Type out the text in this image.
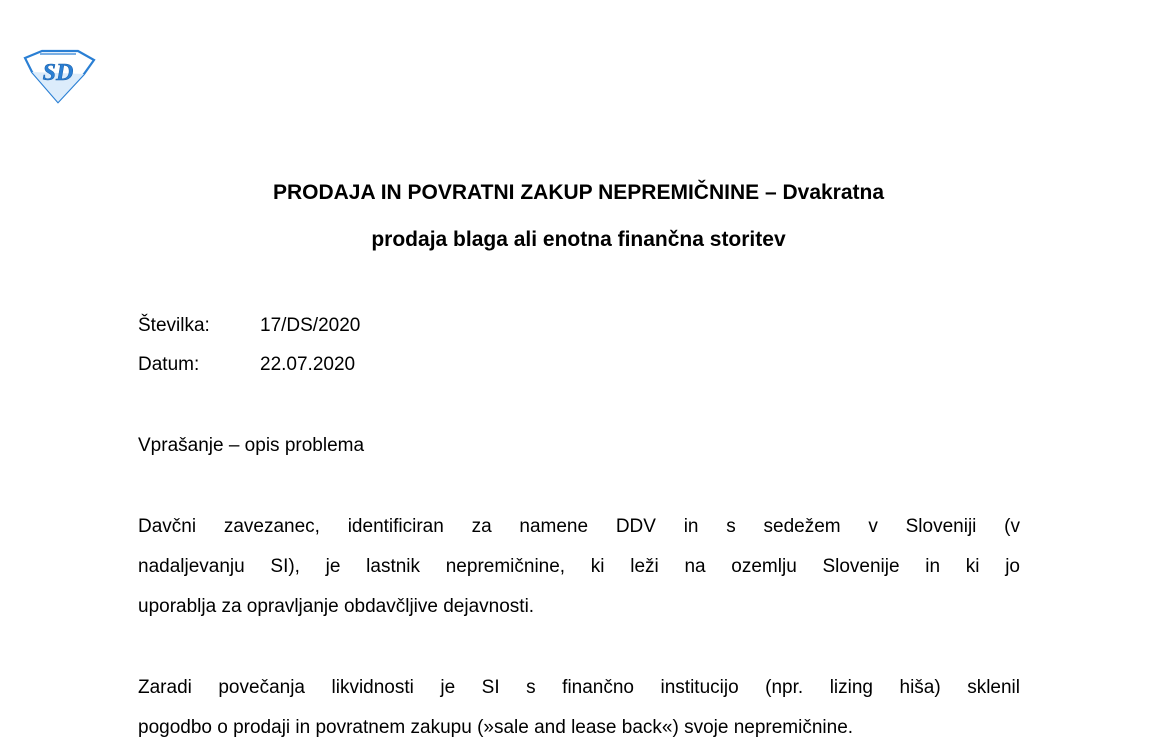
SD
PRODAJA IN POVRATNI ZAKUP NEPREMIČNINE – Dvakratna
prodaja blaga ali enotna finančna storitev
Številka:	17/DS/2020
Datum:	22.07.2020
Vprašanje – opis problema
Davčni zavezanec, identificiran za namene DDV in s sedežem v Sloveniji (v
nadaljevanju SI), je lastnik nepremičnine, ki leži na ozemlju Slovenije in ki jo
uporablja za opravljanje obdavčljive dejavnosti.
Zaradi povečanja likvidnosti je SI s finančno institucijo (npr. lizing hiša) sklenil
pogodbo o prodaji in povratnem zakupu (»sale and lease back«) svoje nepremičnine.
